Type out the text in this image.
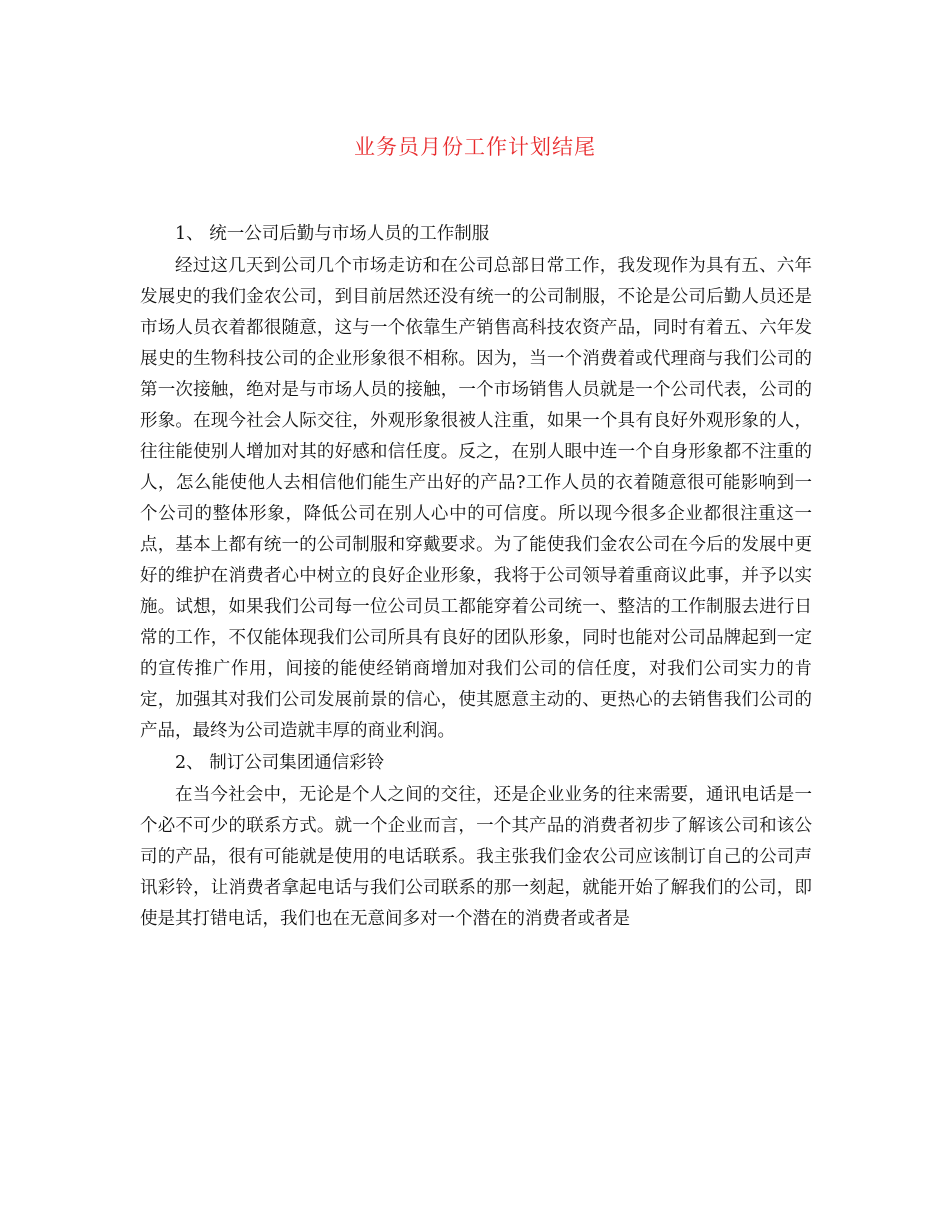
业务员月份工作计划结尾

1、 统一公司后勤与市场人员的工作制服

经过这几天到公司几个市场走访和在公司总部日常工作，我发现作为具有五、六年发展史的我们金农公司，到目前居然还没有统一的公司制服，不论是公司后勤人员还是市场人员衣着都很随意，这与一个依靠生产销售高科技农资产品，同时有着五、六年发展史的生物科技公司的企业形象很不相称。因为，当一个消费着或代理商与我们公司的第一次接触，绝对是与市场人员的接触，一个市场销售人员就是一个公司代表，公司的形象。在现今社会人际交往，外观形象很被人注重，如果一个具有良好外观形象的人，往往能使别人增加对其的好感和信任度。反之，在别人眼中连一个自身形象都不注重的人，怎么能使他人去相信他们能生产出好的产品?工作人员的衣着随意很可能影响到一个公司的整体形象，降低公司在别人心中的可信度。所以现今很多企业都很注重这一点，基本上都有统一的公司制服和穿戴要求。为了能使我们金农公司在今后的发展中更好的维护在消费者心中树立的良好企业形象，我将于公司领导着重商议此事，并予以实施。试想，如果我们公司每一位公司员工都能穿着公司统一、整洁的工作制服去进行日常的工作，不仅能体现我们公司所具有良好的团队形象，同时也能对公司品牌起到一定的宣传推广作用，间接的能使经销商增加对我们公司的信任度，对我们公司实力的肯定，加强其对我们公司发展前景的信心，使其愿意主动的、更热心的去销售我们公司的产品，最终为公司造就丰厚的商业利润。

2、 制订公司集团通信彩铃

在当今社会中，无论是个人之间的交往，还是企业业务的往来需要，通讯电话是一个必不可少的联系方式。就一个企业而言，一个其产品的消费者初步了解该公司和该公司的产品，很有可能就是使用的电话联系。我主张我们金农公司应该制订自己的公司声讯彩铃，让消费者拿起电话与我们公司联系的那一刻起，就能开始了解我们的公司，即使是其打错电话，我们也在无意间多对一个潜在的消费者或者是
